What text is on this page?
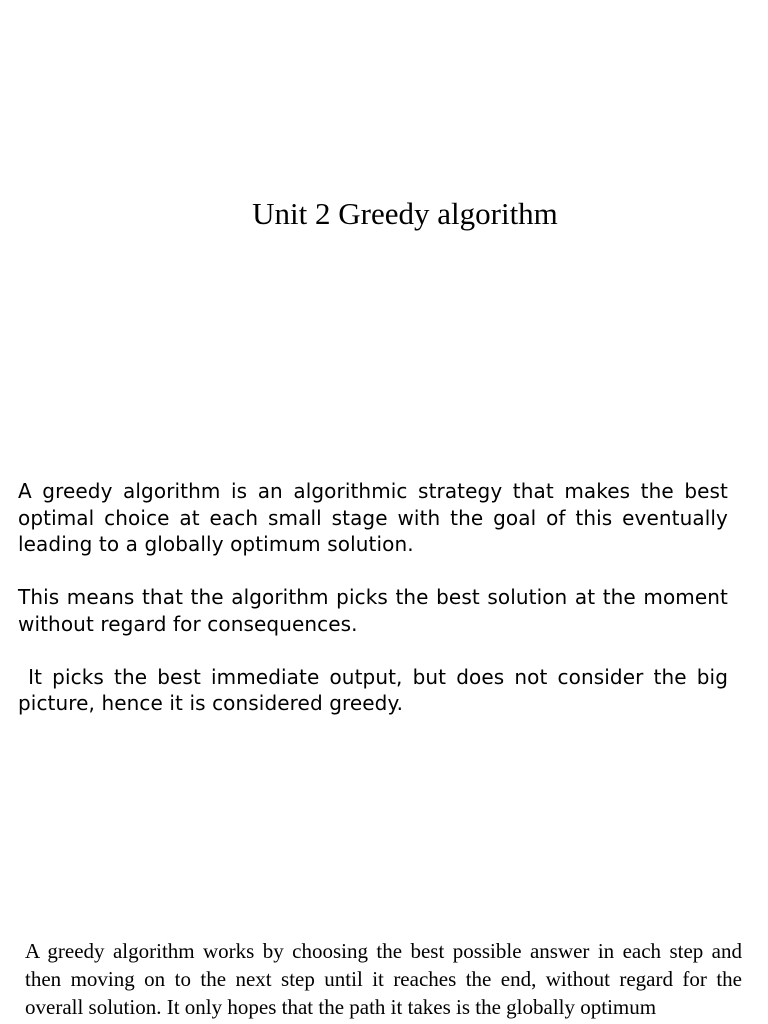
Unit 2 Greedy algorithm

A greedy algorithm is an algorithmic strategy that makes the best optimal choice at each small stage with the goal of this eventually leading to a globally optimum solution.

This means that the algorithm picks the best solution at the moment without regard for consequences.

It picks the best immediate output, but does not consider the big picture, hence it is considered greedy.

A greedy algorithm works by choosing the best possible answer in each step and then moving on to the next step until it reaches the end, without regard for the overall solution. It only hopes that the path it takes is the globally optimum
